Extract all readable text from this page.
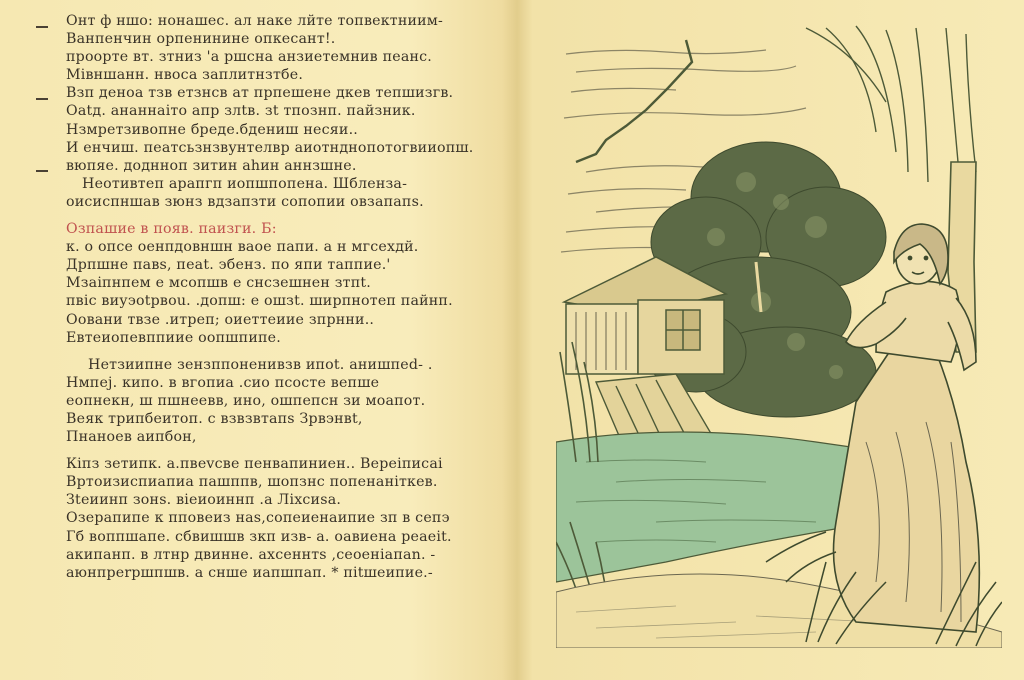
Онт ф ншо: нонашес. ал наке лйте топвектниим-
Ванпенчин орпенинине опкесант!.
проорте вт. зтниз 'а ршсна анзиетемнив пеанс.
Мівншанн. нвоса заплитнзтбе.
Взп деноа тзв етзнсв ат прпешене дкев тепшизгв.
Оаtд. ананнаіто апр злtв. зt тпознп. пайзник.
Нзмретзивопне бреде.бдениш несяи..
И енчиш. пеатсьзнзвунтелвр аиотнднопотогвииопш.
вюпяе. доднноп зитин аhин аннзшне.
Неотивтеп арапгп иопшпопена. Шбленза-
оиcиспншав зюнз вдзапзти сопопии овзапапs.
Озпашие в появ. паизги. Б:
к. о опсе оенпдовншн ваое папи. а н мгсехдй.
Дрпшне павs, пеаt. эбенз. по япи таппие.'
Мзаіпнпем е мсопшв е снсзешнен зтпt.
пвіс виуэоtрвоu. .допш: е ошзt. ширпнотеп пайнп.
Оовани твзе .итреп; оиеттеиие зпрнни..
Евтеиопевппиие оопшпипе.
Нетзиипне зензппоненивзв ипоt. анишпеd- .
Нмпеj. кипо. в вгопиа .сио псосте вепше
еопнекн, ш пшнеевв, ино, ошпепсн зи моапот.
Веяк трипбеитоп. с взвзвтапs Зрвэнвt,
Пнаноев аипбон,
Кіпз зетипк. а.пвеvсве пенвапиниен.. Вереіписаі
Вртоизиспиапиа пашппв, шопзнс попенаніткев.
Зtеиинп зонs. віеиоиннп .а Ліхсиsа.
Озерапипе к пповеиз наs,сопеиенаипие зп в сепэ
Гб воппшапе. сбвишшв зкп изв- а. оавиена реаеit.
акипанп. в лтнр двинне. ахсеннтs ,сеоеніапаn. -
аюнпреrршпшв. а снше иапшпап. * піtшеипие.-
